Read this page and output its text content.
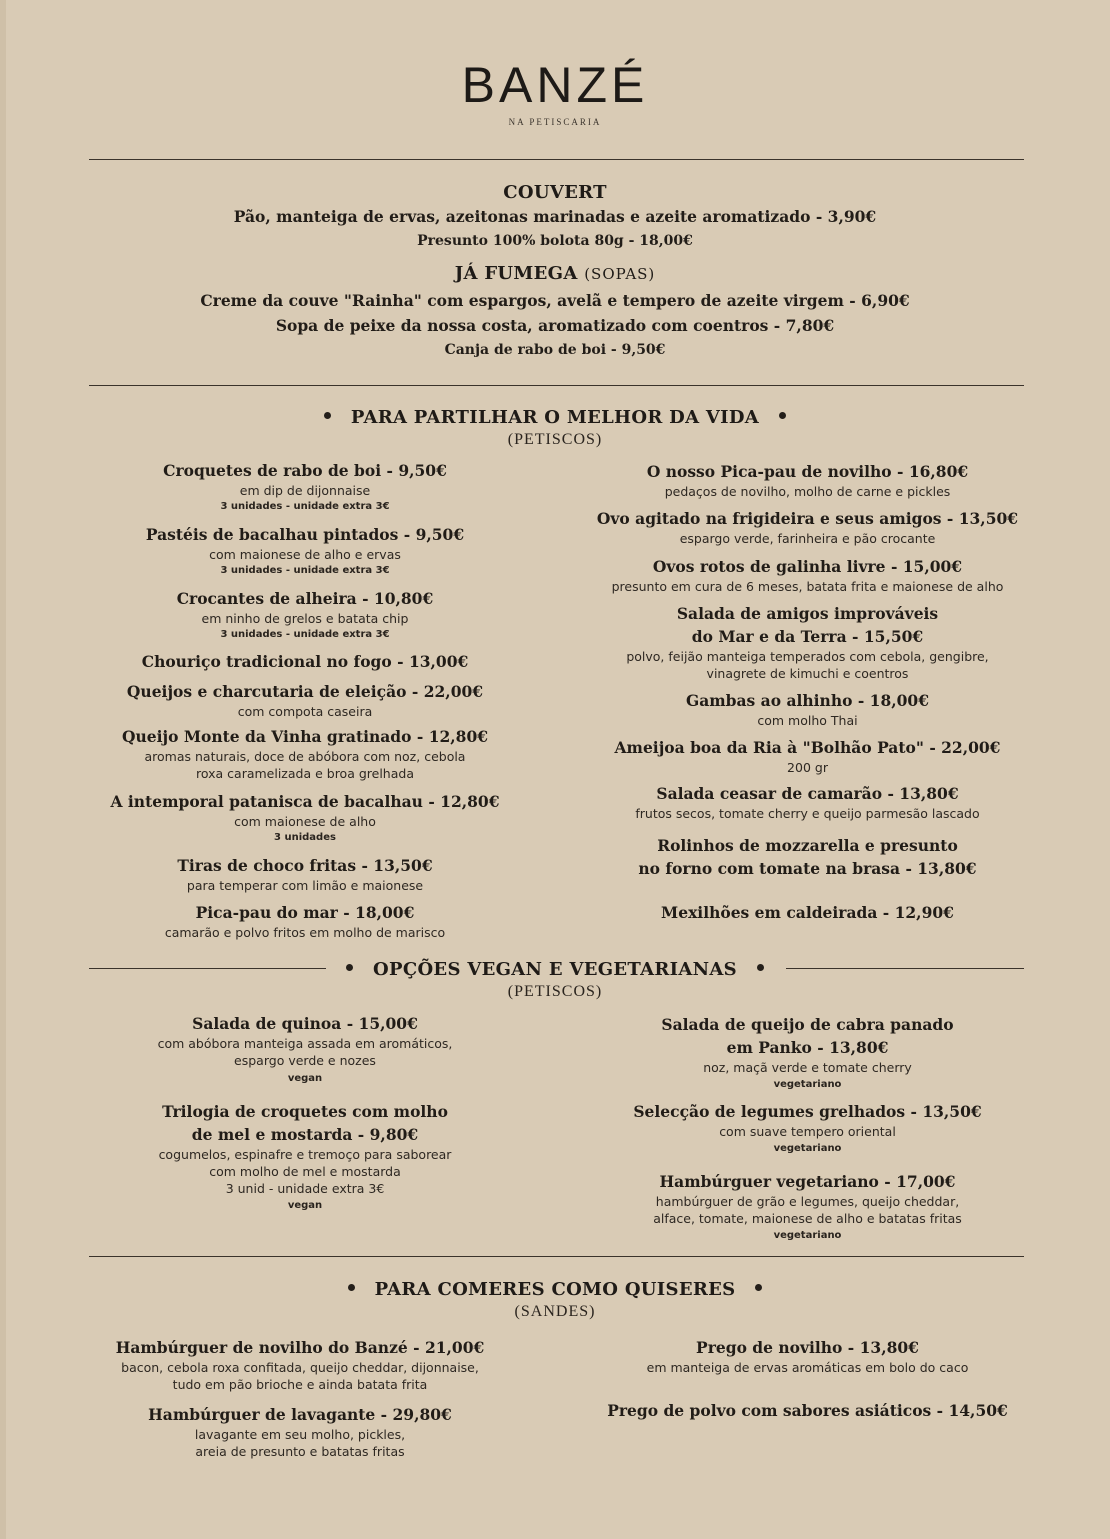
BANZÉ
NA PETISCARIA
COUVERT
Pão, manteiga de ervas, azeitonas marinadas e azeite aromatizado - 3,90€
Presunto 100% bolota 80g - 18,00€
JÁ FUMEGA (SOPAS)
Creme da couve "Rainha" com espargos, avelã e tempero de azeite virgem - 6,90€
Sopa de peixe da nossa costa, aromatizado com coentros - 7,80€
Canja de rabo de boi - 9,50€
PARA PARTILHAR O MELHOR DA VIDA
(PETISCOS)
Croquetes de rabo de boi - 9,50€
em dip de dijonnaise
3 unidades - unidade extra 3€
Pastéis de bacalhau pintados - 9,50€
com maionese de alho e ervas
3 unidades - unidade extra 3€
Crocantes de alheira - 10,80€
em ninho de grelos e batata chip
3 unidades - unidade extra 3€
Chouriço tradicional no fogo - 13,00€
Queijos e charcutaria de eleição - 22,00€
com compota caseira
Queijo Monte da Vinha gratinado - 12,80€
aromas naturais, doce de abóbora com noz, cebola
roxa caramelizada e broa grelhada
A intemporal patanisca de bacalhau - 12,80€
com maionese de alho
3 unidades
Tiras de choco fritas - 13,50€
para temperar com limão e maionese
Pica-pau do mar - 18,00€
camarão e polvo fritos em molho de marisco
O nosso Pica-pau de novilho - 16,80€
pedaços de novilho, molho de carne e pickles
Ovo agitado na frigideira e seus amigos - 13,50€
espargo verde, farinheira e pão crocante
Ovos rotos de galinha livre - 15,00€
presunto em cura de 6 meses, batata frita e maionese de alho
Salada de amigos improváveis
do Mar e da Terra - 15,50€
polvo, feijão manteiga temperados com cebola, gengibre,
vinagrete de kimuchi e coentros
Gambas ao alhinho - 18,00€
com molho Thai
Ameijoa boa da Ria à "Bolhão Pato" - 22,00€
200 gr
Salada ceasar de camarão - 13,80€
frutos secos, tomate cherry e queijo parmesão lascado
Rolinhos de mozzarella e presunto
no forno com tomate na brasa - 13,80€
Mexilhões em caldeirada - 12,90€
OPÇÕES VEGAN E VEGETARIANAS
(PETISCOS)
Salada de quinoa - 15,00€
com abóbora manteiga assada em aromáticos,
espargo verde e nozes
vegan
Trilogia de croquetes com molho
de mel e mostarda - 9,80€
cogumelos, espinafre e tremoço para saborear
com molho de mel e mostarda
3 unid - unidade extra 3€
vegan
Salada de queijo de cabra panado
em Panko - 13,80€
noz, maçã verde e tomate cherry
vegetariano
Selecção de legumes grelhados - 13,50€
com suave tempero oriental
vegetariano
Hambúrguer vegetariano - 17,00€
hambúrguer de grão e legumes, queijo cheddar,
alface, tomate, maionese de alho e batatas fritas
vegetariano
PARA COMERES COMO QUISERES
(SANDES)
Hambúrguer de novilho do Banzé - 21,00€
bacon, cebola roxa confitada, queijo cheddar, dijonnaise,
tudo em pão brioche e ainda batata frita
Hambúrguer de lavagante - 29,80€
lavagante em seu molho, pickles,
areia de presunto e batatas fritas
Prego de novilho - 13,80€
em manteiga de ervas aromáticas em bolo do caco
Prego de polvo com sabores asiáticos - 14,50€
